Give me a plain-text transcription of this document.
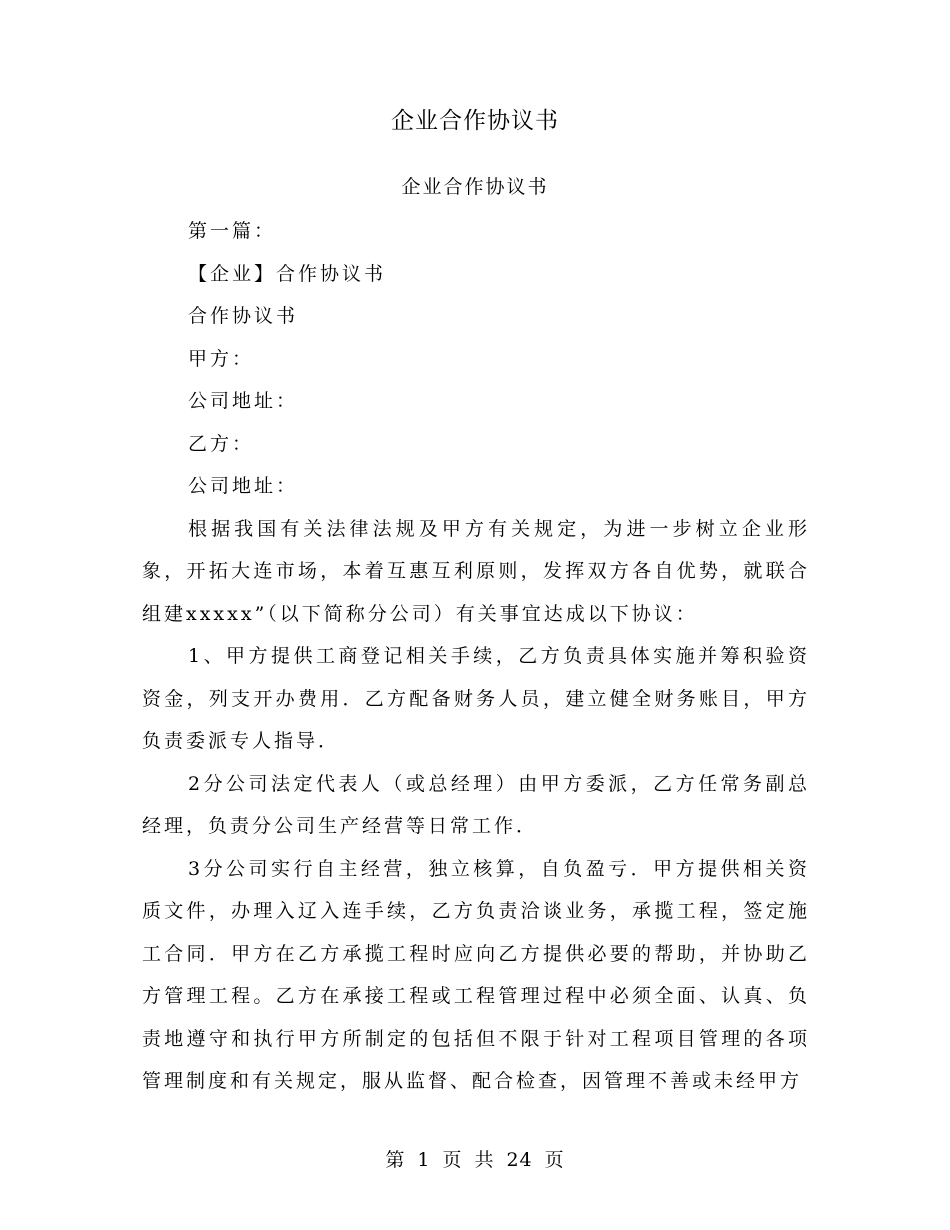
企业合作协议书
企业合作协议书

第一篇：

【企业】合作协议书

合作协议书

甲方：

公司地址：

乙方：

公司地址：

根据我国有关法律法规及甲方有关规定，为进一步树立企业形象，开拓大连市场，本着互惠互利原则，发挥双方各自优势，就联合组建xxxxx”（以下简称分公司）有关事宜达成以下协议：

1、甲方提供工商登记相关手续，乙方负责具体实施并筹积验资资金，列支开办费用．乙方配备财务人员，建立健全财务账目，甲方负责委派专人指导．

2分公司法定代表人（或总经理）由甲方委派，乙方任常务副总经理，负责分公司生产经营等日常工作．

3分公司实行自主经营，独立核算，自负盈亏．甲方提供相关资质文件，办理入辽入连手续，乙方负责洽谈业务，承揽工程，签定施工合同．甲方在乙方承揽工程时应向乙方提供必要的帮助，并协助乙方管理工程。乙方在承接工程或工程管理过程中必须全面、认真、负责地遵守和执行甲方所制定的包括但不限于针对工程项目管理的各项管理制度和有关规定，服从监督、配合检查，因管理不善或未经甲方

第 1 页 共 24 页
